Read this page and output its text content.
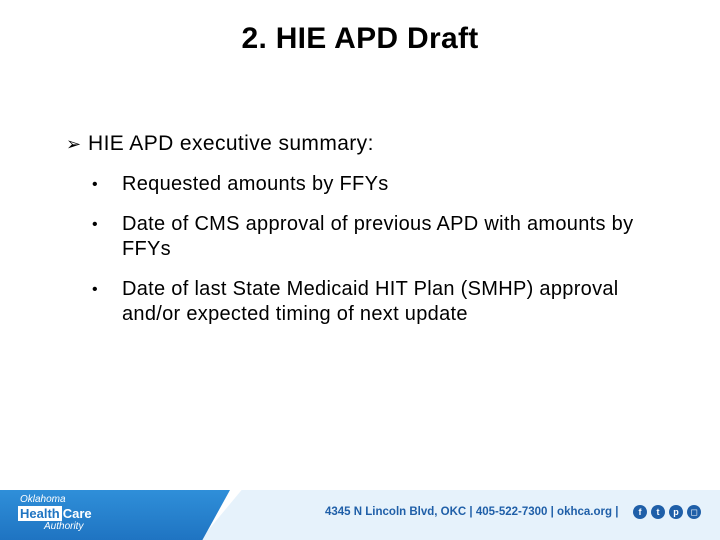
2. HIE APD Draft
➢ HIE APD executive summary:
•	Requested amounts by FFYs
•	Date of CMS approval of previous APD with amounts by FFYs
•	Date of last State Medicaid HIT Plan (SMHP) approval and/or expected timing of next update
Oklahoma
Health Care
Authority
4345 N Lincoln Blvd, OKC | 405-522-7300 | okhca.org |	f	t	p	◻
